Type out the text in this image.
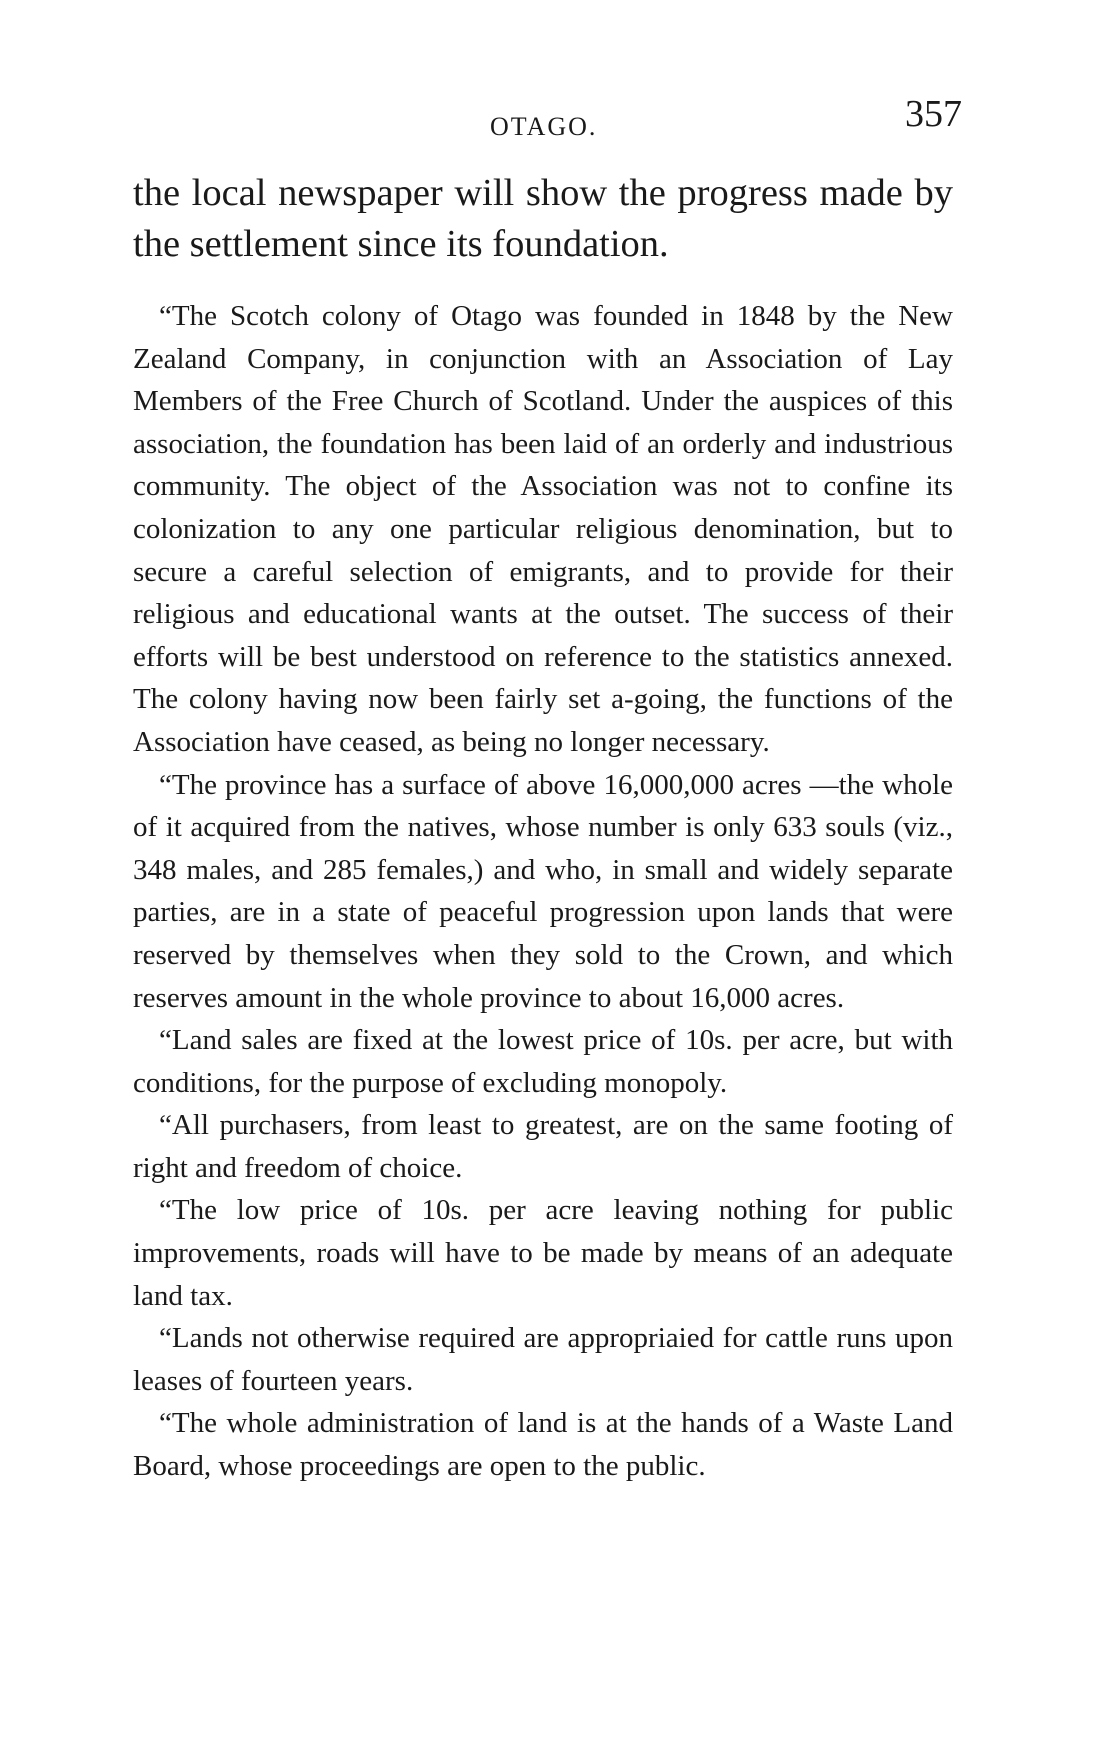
OTAGO.	357

the local newspaper will show the progress made by the settlement since its foundation.

“The Scotch colony of Otago was founded in 1848 by the New Zealand Company, in conjunction with an Association of Lay Members of the Free Church of Scotland. Under the auspices of this association, the foundation has been laid of an orderly and industrious community. The object of the Association was not to confine its colonization to any one particular religious denomination, but to secure a careful selection of emigrants, and to provide for their religious and educational wants at the outset. The success of their efforts will be best understood on reference to the statistics annexed. The colony having now been fairly set a-going, the functions of the Association have ceased, as being no longer necessary.

“The province has a surface of above 16,000,000 acres —the whole of it acquired from the natives, whose number is only 633 souls (viz., 348 males, and 285 females,) and who, in small and widely separate parties, are in a state of peaceful progression upon lands that were reserved by themselves when they sold to the Crown, and which reserves amount in the whole province to about 16,000 acres.

“Land sales are fixed at the lowest price of 10s. per acre, but with conditions, for the purpose of excluding monopoly.

“All purchasers, from least to greatest, are on the same footing of right and freedom of choice.

“The low price of 10s. per acre leaving nothing for public improvements, roads will have to be made by means of an adequate land tax.

“Lands not otherwise required are appropriaied for cattle runs upon leases of fourteen years.

“The whole administration of land is at the hands of a Waste Land Board, whose proceedings are open to the public.
